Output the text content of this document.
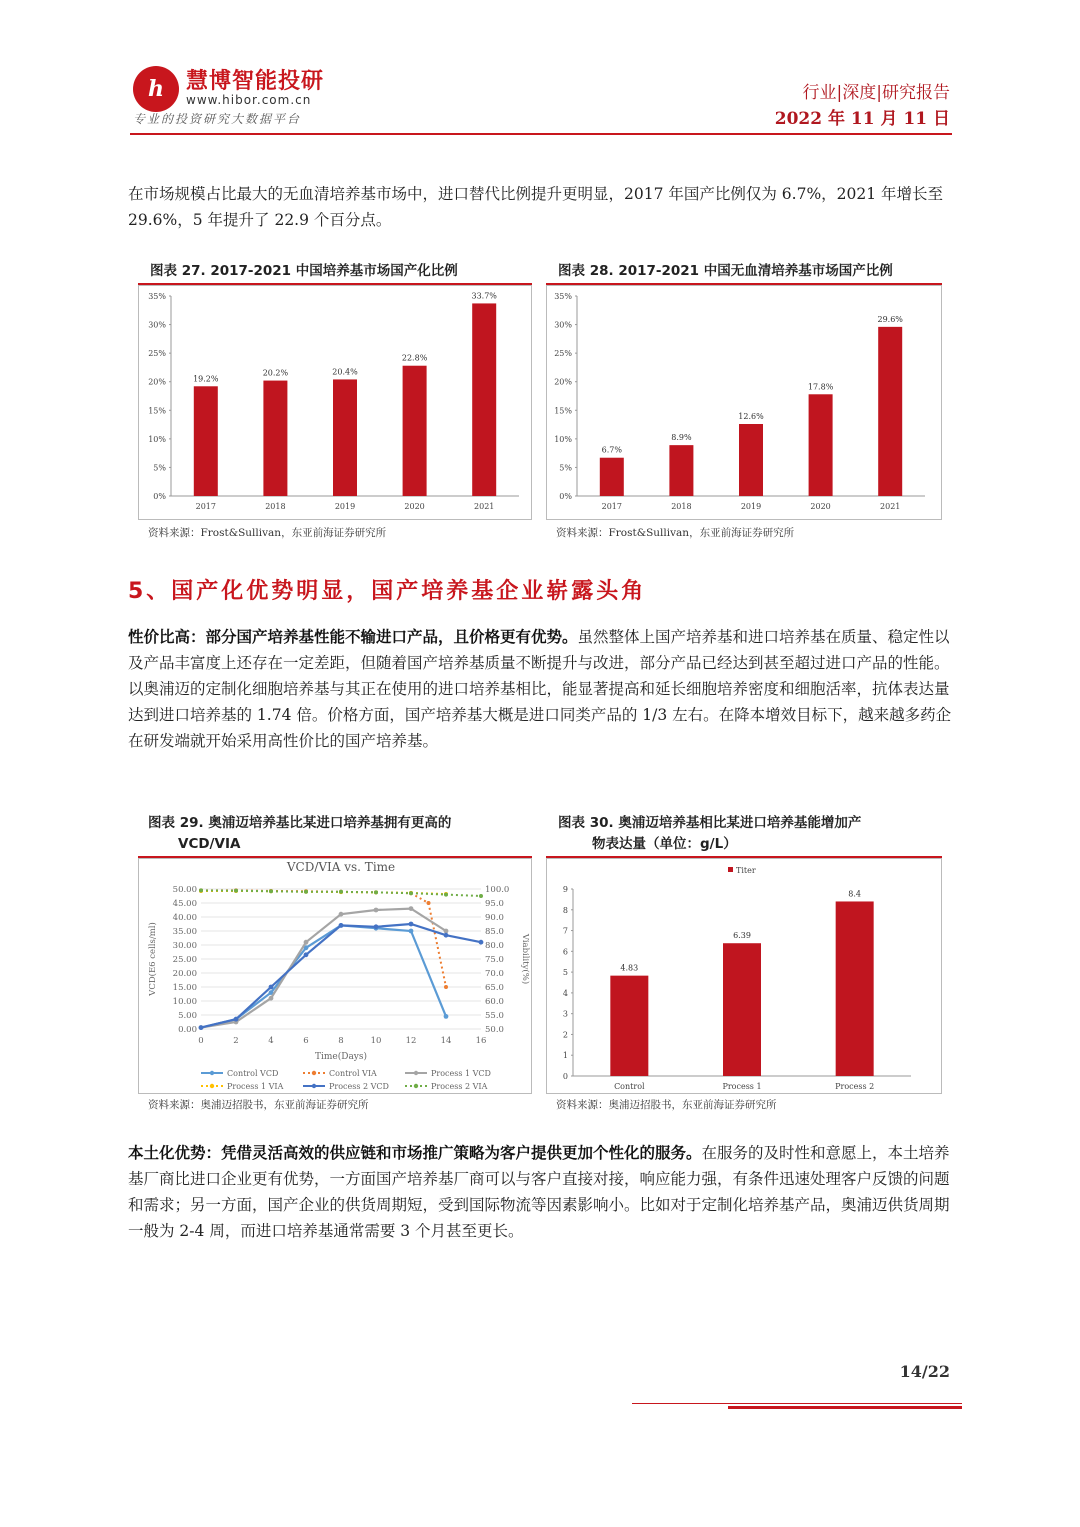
h	慧博智能投研
www.hibor.com.cn
专业的投资研究大数据平台
行业|深度|研究报告
2022 年 11 月 11 日
在市场规模占比最大的无血清培养基市场中，进口替代比例提升更明显，2017 年国产比例仅为 6.7%，2021 年增长至 29.6%，5 年提升了 22.9 个百分点。
图表 27. 2017-2021 中国培养基市场国产化比例
0%
5%
10%
15%
20%
25%
30%
35%
19.2%
2017
20.2%
2018
20.4%
2019
22.8%
2020
33.7%
2021
资料来源：Frost&Sullivan，东亚前海证券研究所
图表 28. 2017-2021 中国无血清培养基市场国产比例
0%
5%
10%
15%
20%
25%
30%
35%
6.7%
2017
8.9%
2018
12.6%
2019
17.8%
2020
29.6%
2021
资料来源：Frost&Sullivan，东亚前海证券研究所
5、国产化优势明显，国产培养基企业崭露头角
性价比高：部分国产培养基性能不输进口产品，且价格更有优势。虽然整体上国产培养基和进口培养基在质量、稳定性以及产品丰富度上还存在一定差距，但随着国产培养基质量不断提升与改进，部分产品已经达到甚至超过进口产品的性能。以奥浦迈的定制化细胞培养基与其正在使用的进口培养基相比，能显著提高和延长细胞培养密度和细胞活率，抗体表达量达到进口培养基的 1.74 倍。价格方面，国产培养基大概是进口同类产品的 1/3 左右。在降本增效目标下，越来越多药企在研发端就开始采用高性价比的国产培养基。
图表 29. 奥浦迈培养基比某进口培养基拥有更高的
VCD/VIA
VCD/VIA vs. Time
0.00
5.00
10.00
15.00
20.00
25.00
30.00
35.00
40.00
45.00
50.00
50.0
55.0
60.0
65.0
70.0
75.0
80.0
85.0
90.0
95.0
100.0
0	2	4	6	8	10	12	14	16
Time(Days)
VCD(E6 cells/ml)	Viability(%)
Control VCD	Control VIA	Process 1 VCD
Process 1 VIA	Process 2 VCD	Process 2 VIA
资料来源：奥浦迈招股书，东亚前海证券研究所
图表 30. 奥浦迈培养基相比某进口培养基能增加产
物表达量（单位：g/L）
0
1
2
3
4
5
6
7
8
9
4.83
Control
6.39
Process 1
8.4
Process 2
Titer
资料来源：奥浦迈招股书，东亚前海证券研究所
本土化优势：凭借灵活高效的供应链和市场推广策略为客户提供更加个性化的服务。在服务的及时性和意愿上，本土培养基厂商比进口企业更有优势，一方面国产培养基厂商可以与客户直接对接，响应能力强，有条件迅速处理客户反馈的问题和需求；另一方面，国产企业的供货周期短，受到国际物流等因素影响小。比如对于定制化培养基产品，奥浦迈供货周期一般为 2-4 周，而进口培养基通常需要 3 个月甚至更长。
14/22
